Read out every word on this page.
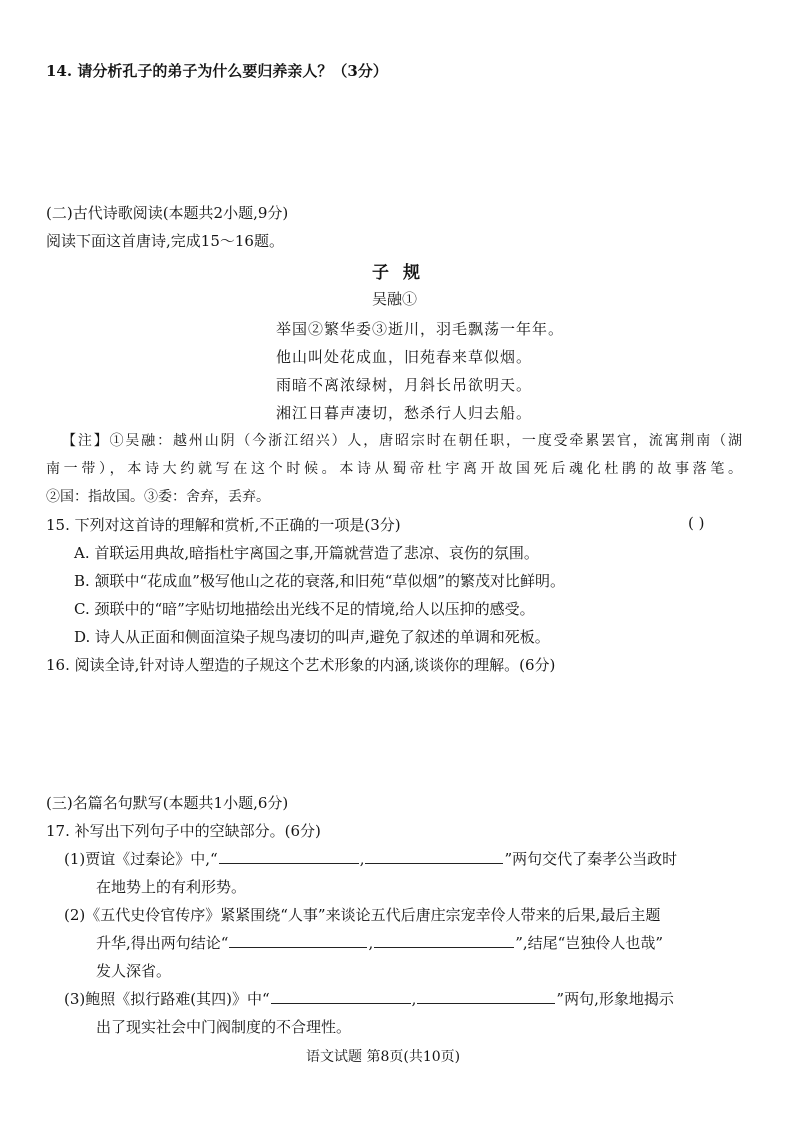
14. 请分析孔子的弟子为什么要归养亲人？（3分）
(二)古代诗歌阅读(本题共2小题,9分)
阅读下面这首唐诗,完成15～16题。
子规
吴融①
举国②繁华委③逝川，羽毛飘荡一年年。
他山叫处花成血，旧苑春来草似烟。
雨暗不离浓绿树，月斜长吊欲明天。
湘江日暮声凄切，愁杀行人归去船。
【注】①吴融：越州山阴（今浙江绍兴）人，唐昭宗时在朝任职，一度受牵累罢官，流寓荆南（湖
南一带），本诗大约就写在这个时候。本诗从蜀帝杜宇离开故国死后魂化杜鹃的故事落笔。
②国：指故国。③委：舍弃，丢弃。
15. 下列对这首诗的理解和赏析,不正确的一项是(3分)	( )
A. 首联运用典故,暗指杜宇离国之事,开篇就营造了悲凉、哀伤的氛围。
B. 颔联中“花成血”极写他山之花的衰落,和旧苑“草似烟”的繁茂对比鲜明。
C. 颈联中的“暗”字贴切地描绘出光线不足的情境,给人以压抑的感受。
D. 诗人从正面和侧面渲染子规鸟凄切的叫声,避免了叙述的单调和死板。
16. 阅读全诗,针对诗人塑造的子规这个艺术形象的内涵,谈谈你的理解。(6分)
(三)名篇名句默写(本题共1小题,6分)
17. 补写出下列句子中的空缺部分。(6分)
(1)贾谊《过秦论》中,“	,	”两句交代了秦孝公当政时
在地势上的有利形势。
(2)《五代史伶官传序》紧紧围绕“人事”来谈论五代后唐庄宗宠幸伶人带来的后果,最后主题
升华,得出两句结论“	,	”,结尾“岂独伶人也哉”
发人深省。
(3)鲍照《拟行路难(其四)》中“	,	”两句,形象地揭示
出了现实社会中门阀制度的不合理性。
语文试题 第8页(共10页)
